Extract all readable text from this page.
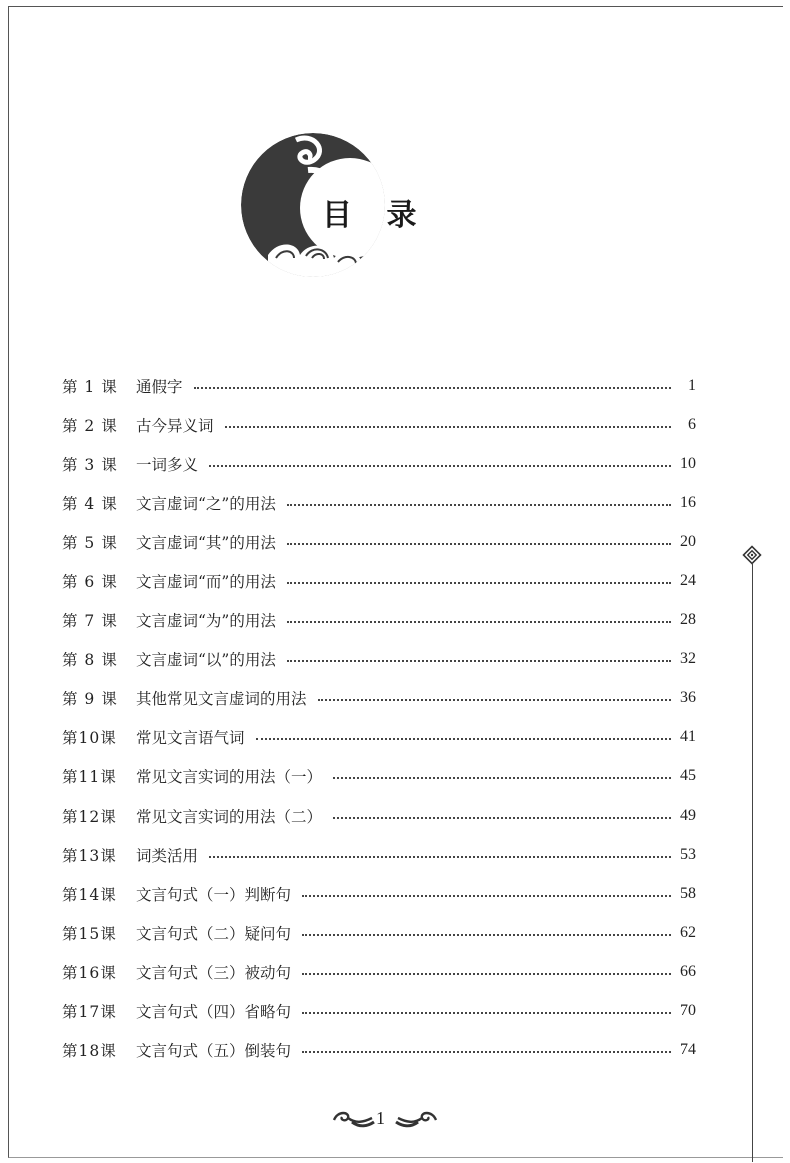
目 录
第 1 课	通假字	1
第 2 课	古今异义词	6
第 3 课	一词多义	10
第 4 课	文言虚词“之”的用法	16
第 5 课	文言虚词“其”的用法	20
第 6 课	文言虚词“而”的用法	24
第 7 课	文言虚词“为”的用法	28
第 8 课	文言虚词“以”的用法	32
第 9 课	其他常见文言虚词的用法	36
第10课	常见文言语气词	41
第11课	常见文言实词的用法（一）	45
第12课	常见文言实词的用法（二）	49
第13课	词类活用	53
第14课	文言句式（一）判断句	58
第15课	文言句式（二）疑问句	62
第16课	文言句式（三）被动句	66
第17课	文言句式（四）省略句	70
第18课	文言句式（五）倒装句	74
1
